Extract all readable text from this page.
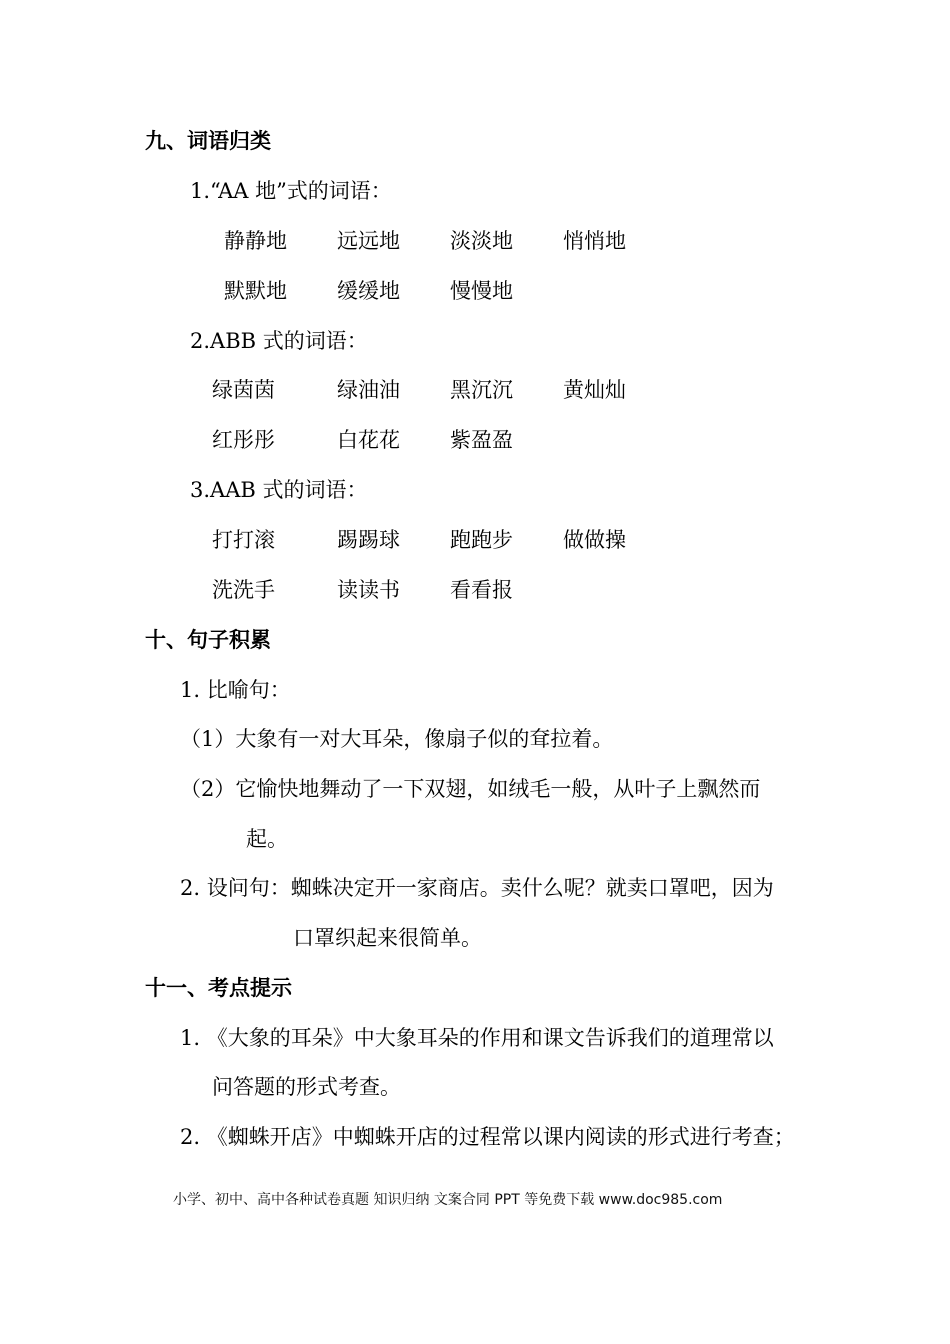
九、词语归类
1.“AA 地”式的词语：
静静地 远远地 淡淡地 悄悄地
默默地 缓缓地 慢慢地
2.ABB 式的词语：
绿茵茵	绿油油 黑沉沉 黄灿灿
红彤彤	白花花 紫盈盈
3.AAB 式的词语：
打打滚	踢踢球 跑跑步 做做操
洗洗手	读读书 看看报
十、句子积累
1. 比喻句：
（1）大象有一对大耳朵，像扇子似的耷拉着。
（2）它愉快地舞动了一下双翅，如绒毛一般，从叶子上飘然而
起。
2. 设问句：蜘蛛决定开一家商店。卖什么呢？就卖口罩吧，因为
口罩织起来很简单。
十一、考点提示
1. 《大象的耳朵》中大象耳朵的作用和课文告诉我们的道理常以
问答题的形式考查。
2. 《蜘蛛开店》中蜘蛛开店的过程常以课内阅读的形式进行考查；
小学、初中、高中各种试卷真题 知识归纳 文案合同 PPT 等免费下载 www.doc985.com
